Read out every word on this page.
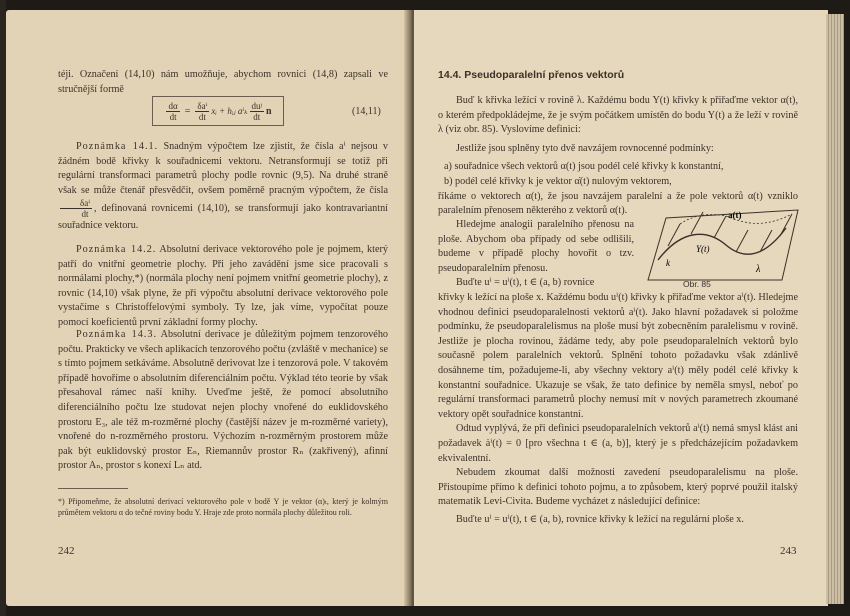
téji. Označení (14,10) nám umožňuje, abychom rovnici (14,8) zapsali ve stručnější formě

$\frac{d\alpha}{dt} = \frac{\text{δaⁱ}}{dt}$ xᵢ + hᵢⱼ aⁱₖ $\frac{\text{duʲ}}{dt}$ n	(14,11)

Poznámka 14.1. Snadným výpočtem lze zjistit, že čísla aⁱ nejsou v žádném bodě křivky k souřadnicemi vektoru. Netransformují se totiž při regulární transformaci parametrů plochy podle rovnic (9,5). Na druhé straně však se může čtenář přesvědčit, ovšem poměrně pracným výpočtem, že čísla
$\frac{\text{δaⁱ}}{dt}$ , definovaná rovnicemi (14,10), se transformují jako kontravariantní souřadnice vektoru.

Poznámka 14.2. Absolutní derivace vektorového pole je pojmem, který patří do vnitřní geometrie plochy. Při jeho zavádění jsme sice pracovali s normálami plochy,*) (normála plochy není pojmem vnitřní geometrie plochy), z rovnic (14,10) však plyne, že při výpočtu absolutní derivace vektorového pole vystačíme s Christoffelovými symboly. Ty lze, jak víme, vypočítat pouze pomocí koeficientů první základní formy plochy.

Poznámka 14.3. Absolutní derivace je důležitým pojmem tenzorového počtu. Prakticky ve všech aplikacích tenzorového počtu (zvláště v mechanice) se s tímto pojmem setkáváme. Absolutně derivovat lze i tenzorová pole. V takovém případě hovoříme o absolutním diferenciálním počtu. Výklad této teorie by však přesahoval rámec naší knihy. Uveďme ještě, že pomocí absolutního diferenciálního počtu lze studovat nejen plochy vnořené do euklidovského prostoru E₃, ale též m-rozměrné plochy (častější název je m-rozměrné variety), vnořené do n-rozměrného prostoru. Výchozím n-rozměrným prostorem může pak být euklidovský prostor Eₙ, Riemannův prostor Rₙ (zakřivený), afinní prostor Aₙ, prostor s konexí Lₙ atd.

*) Připomeňme, že absolutní derivací vektorového pole v bodě Y je vektor (α)ₜ, který je kolmým průmětem vektoru α do tečné roviny bodu Y. Hraje zde proto normála plochy důležitou roli.
242
14.4. Pseudoparalelní přenos vektorů

Buď k křivka ležící v rovině λ. Každému bodu Y(t) křivky k přiřaďme vektor α(t), o kterém předpokládejme, že je svým počátkem umístěn do bodu Y(t) a že leží v rovině λ (viz obr. 85). Vyslovíme definici:

Jestliže jsou splněny tyto dvě navzájem rovnocenné podmínky:

a) souřadnice všech vektorů α(t) jsou podél celé křivky k konstantní,

b) podél celé křivky k je vektor α̇(t) nulovým vektorem,

říkáme o vektorech α(t), že jsou navzájem paralelní a že pole vektorů α(t) vzniklo paralelním přenosem některého z vektorů α(t).

Hledejme analogii paralelního přenosu na ploše. Abychom oba případy od sebe odlišili, budeme v případě plochy hovořit o tzv. pseudoparalelním přenosu.

Buďte uⁱ = uⁱ(t), t ∈ (a, b) rovnice

a(t)
Y(t)
k
λ
Obr. 85

křivky k ležící na ploše x. Každému bodu uⁱ(t) křivky k přiřaďme vektor aⁱ(t). Hledejme vhodnou definici pseudoparalelnosti vektorů aⁱ(t). Jako hlavní požadavek si položme podmínku, že pseudoparalelismus na ploše musí být zobecněním paralelismu v rovině. Jestliže je plocha rovinou, žádáme tedy, aby pole pseudoparalelních vektorů bylo současně polem paralelních vektorů. Splnění tohoto požadavku však zdánlivě dosáhneme tím, požadujeme-li, aby všechny vektory aⁱ(t) měly podél celé křivky k konstantní souřadnice. Ukazuje se však, že tato definice by neměla smysl, neboť po regulární transformaci parametrů plochy nemusí mít v nových parametrech zkoumané vektory opět souřadnice konstantní.

Odtud vyplývá, že při definici pseudoparalelních vektorů aⁱ(t) nemá smysl klást ani požadavek ȧⁱ(t) = 0 [pro všechna t ∈ (a, b)], který je s předcházejícím požadavkem ekvivalentní.

Nebudem zkoumat další možnosti zavedení pseudoparalelismu na ploše. Přistoupíme přímo k definici tohoto pojmu, a to způsobem, který poprvé použil italský matematik Levi-Civita. Budeme vycházet z následující definice:

Buďte uⁱ = uⁱ(t), t ∈ (a, b), rovnice křivky k ležící na regulární ploše x.

243
